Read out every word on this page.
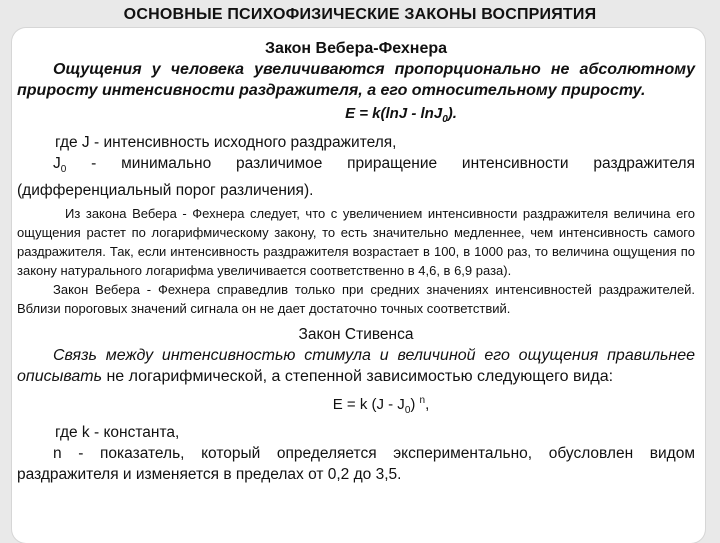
ОСНОВНЫЕ ПСИХОФИЗИЧЕСКИЕ ЗАКОНЫ ВОСПРИЯТИЯ

Закон Вебера-Фехнера

Ощущения у человека увеличиваются пропорционально не абсолютному приросту интенсивности раздражителя, а его относительному приросту.

E = k(lnJ - lnJ$_0$).

где J - интенсивность исходного раздражителя,

$J_0$ - минимально различимое приращение интенсивности раздражителя (дифференциальный порог различения).

Из закона Вебера - Фехнера следует, что с увеличением интенсивности раздражителя величина его ощущения растет по логарифмическому закону, то есть значительно медленнее, чем интенсивность самого раздражителя. Так, если интенсивность раздражителя возрастает в 100, в 1000 раз, то величина ощущения по закону натурального логарифма увеличивается соответственно в 4,6, в 6,9 раза).

Закон Вебера - Фехнера справедлив только при средних значениях интенсивностей раздражителей. Вблизи пороговых значений сигнала он не дает достаточно точных соответствий.

Закон Стивенса

Связь между интенсивностью стимула и величиной его ощущения правильнее описывать не логарифмической, а степенной зависимостью следующего вида:

E = k $(J - J_0)$ $^n$,

где k - константа,

n - показатель, который определяется экспериментально, обусловлен видом раздражителя и изменяется в пределах от 0,2 до 3,5.
